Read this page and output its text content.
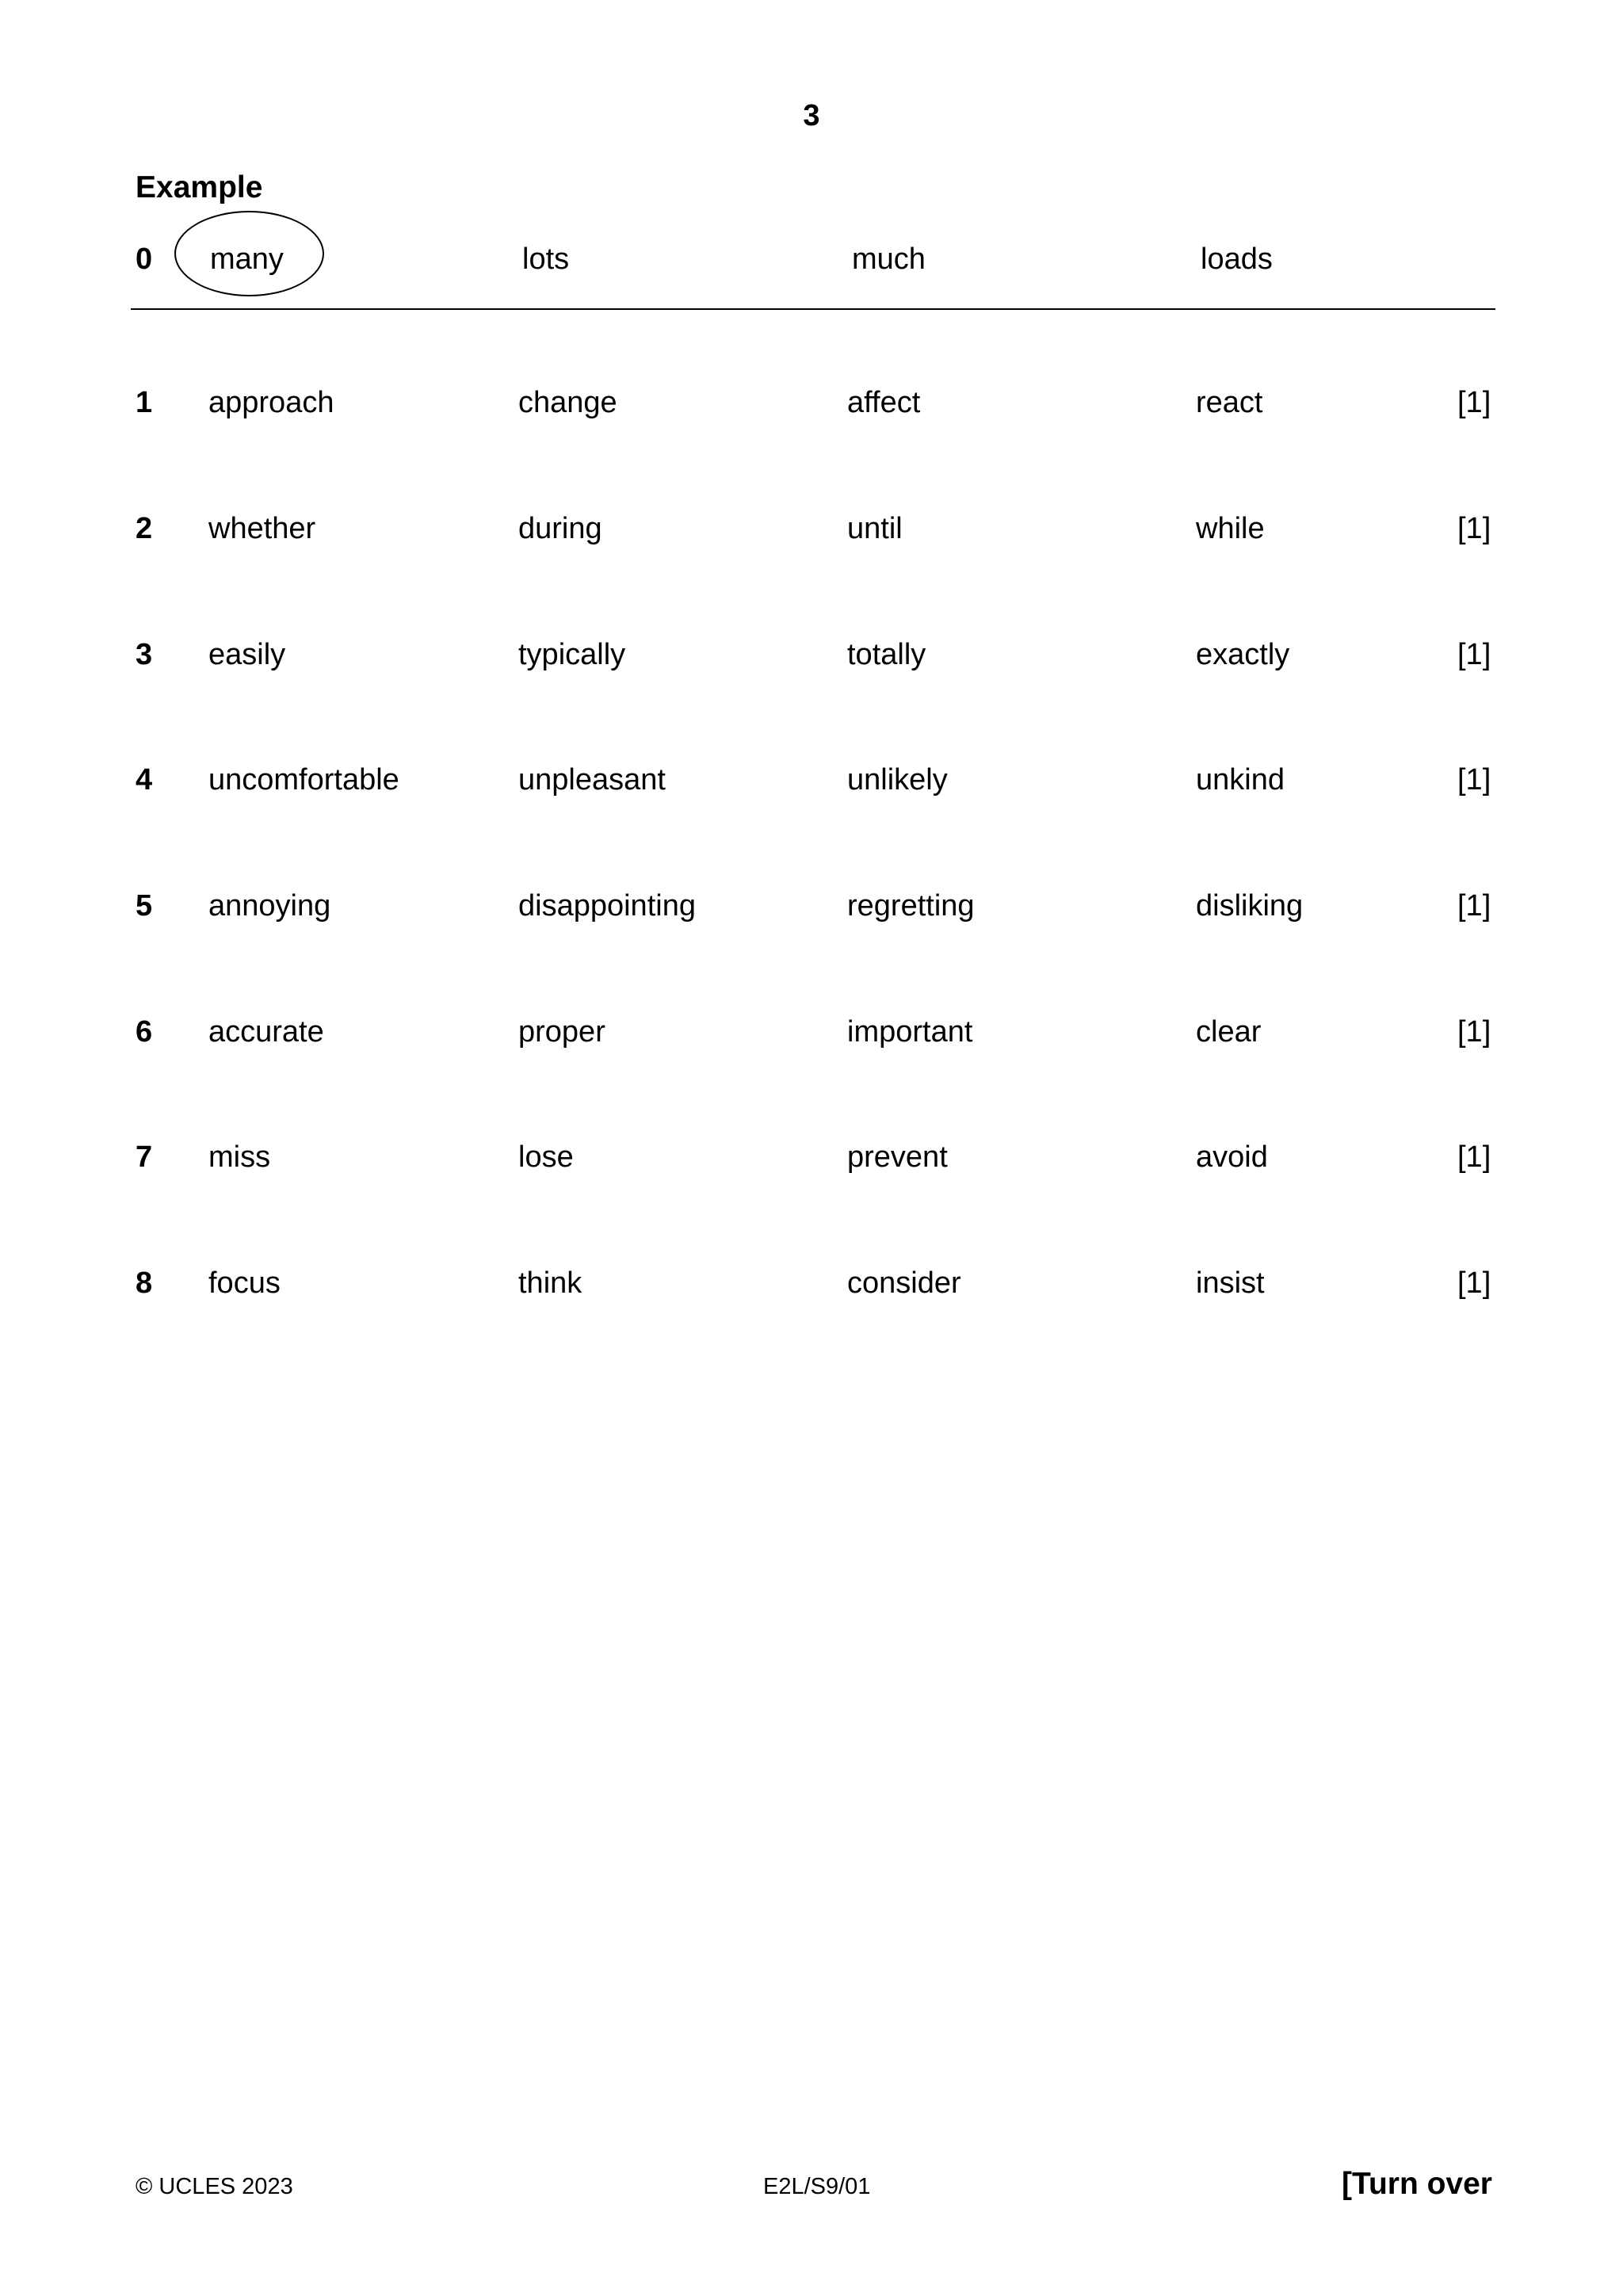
3
Example
0 many	lots	much	loads
1 approach	change	affect	react	[1]
2 whether	during	until	while	[1]
3 easily	typically	totally	exactly	[1]
4 uncomfortable	unpleasant	unlikely	unkind	[1]
5 annoying	disappointing	regretting	disliking	[1]
6 accurate	proper	important	clear	[1]
7 miss	lose	prevent	avoid	[1]
8 focus	think	consider	insist	[1]
© UCLES 2023	E2L/S9/01	[Turn over
